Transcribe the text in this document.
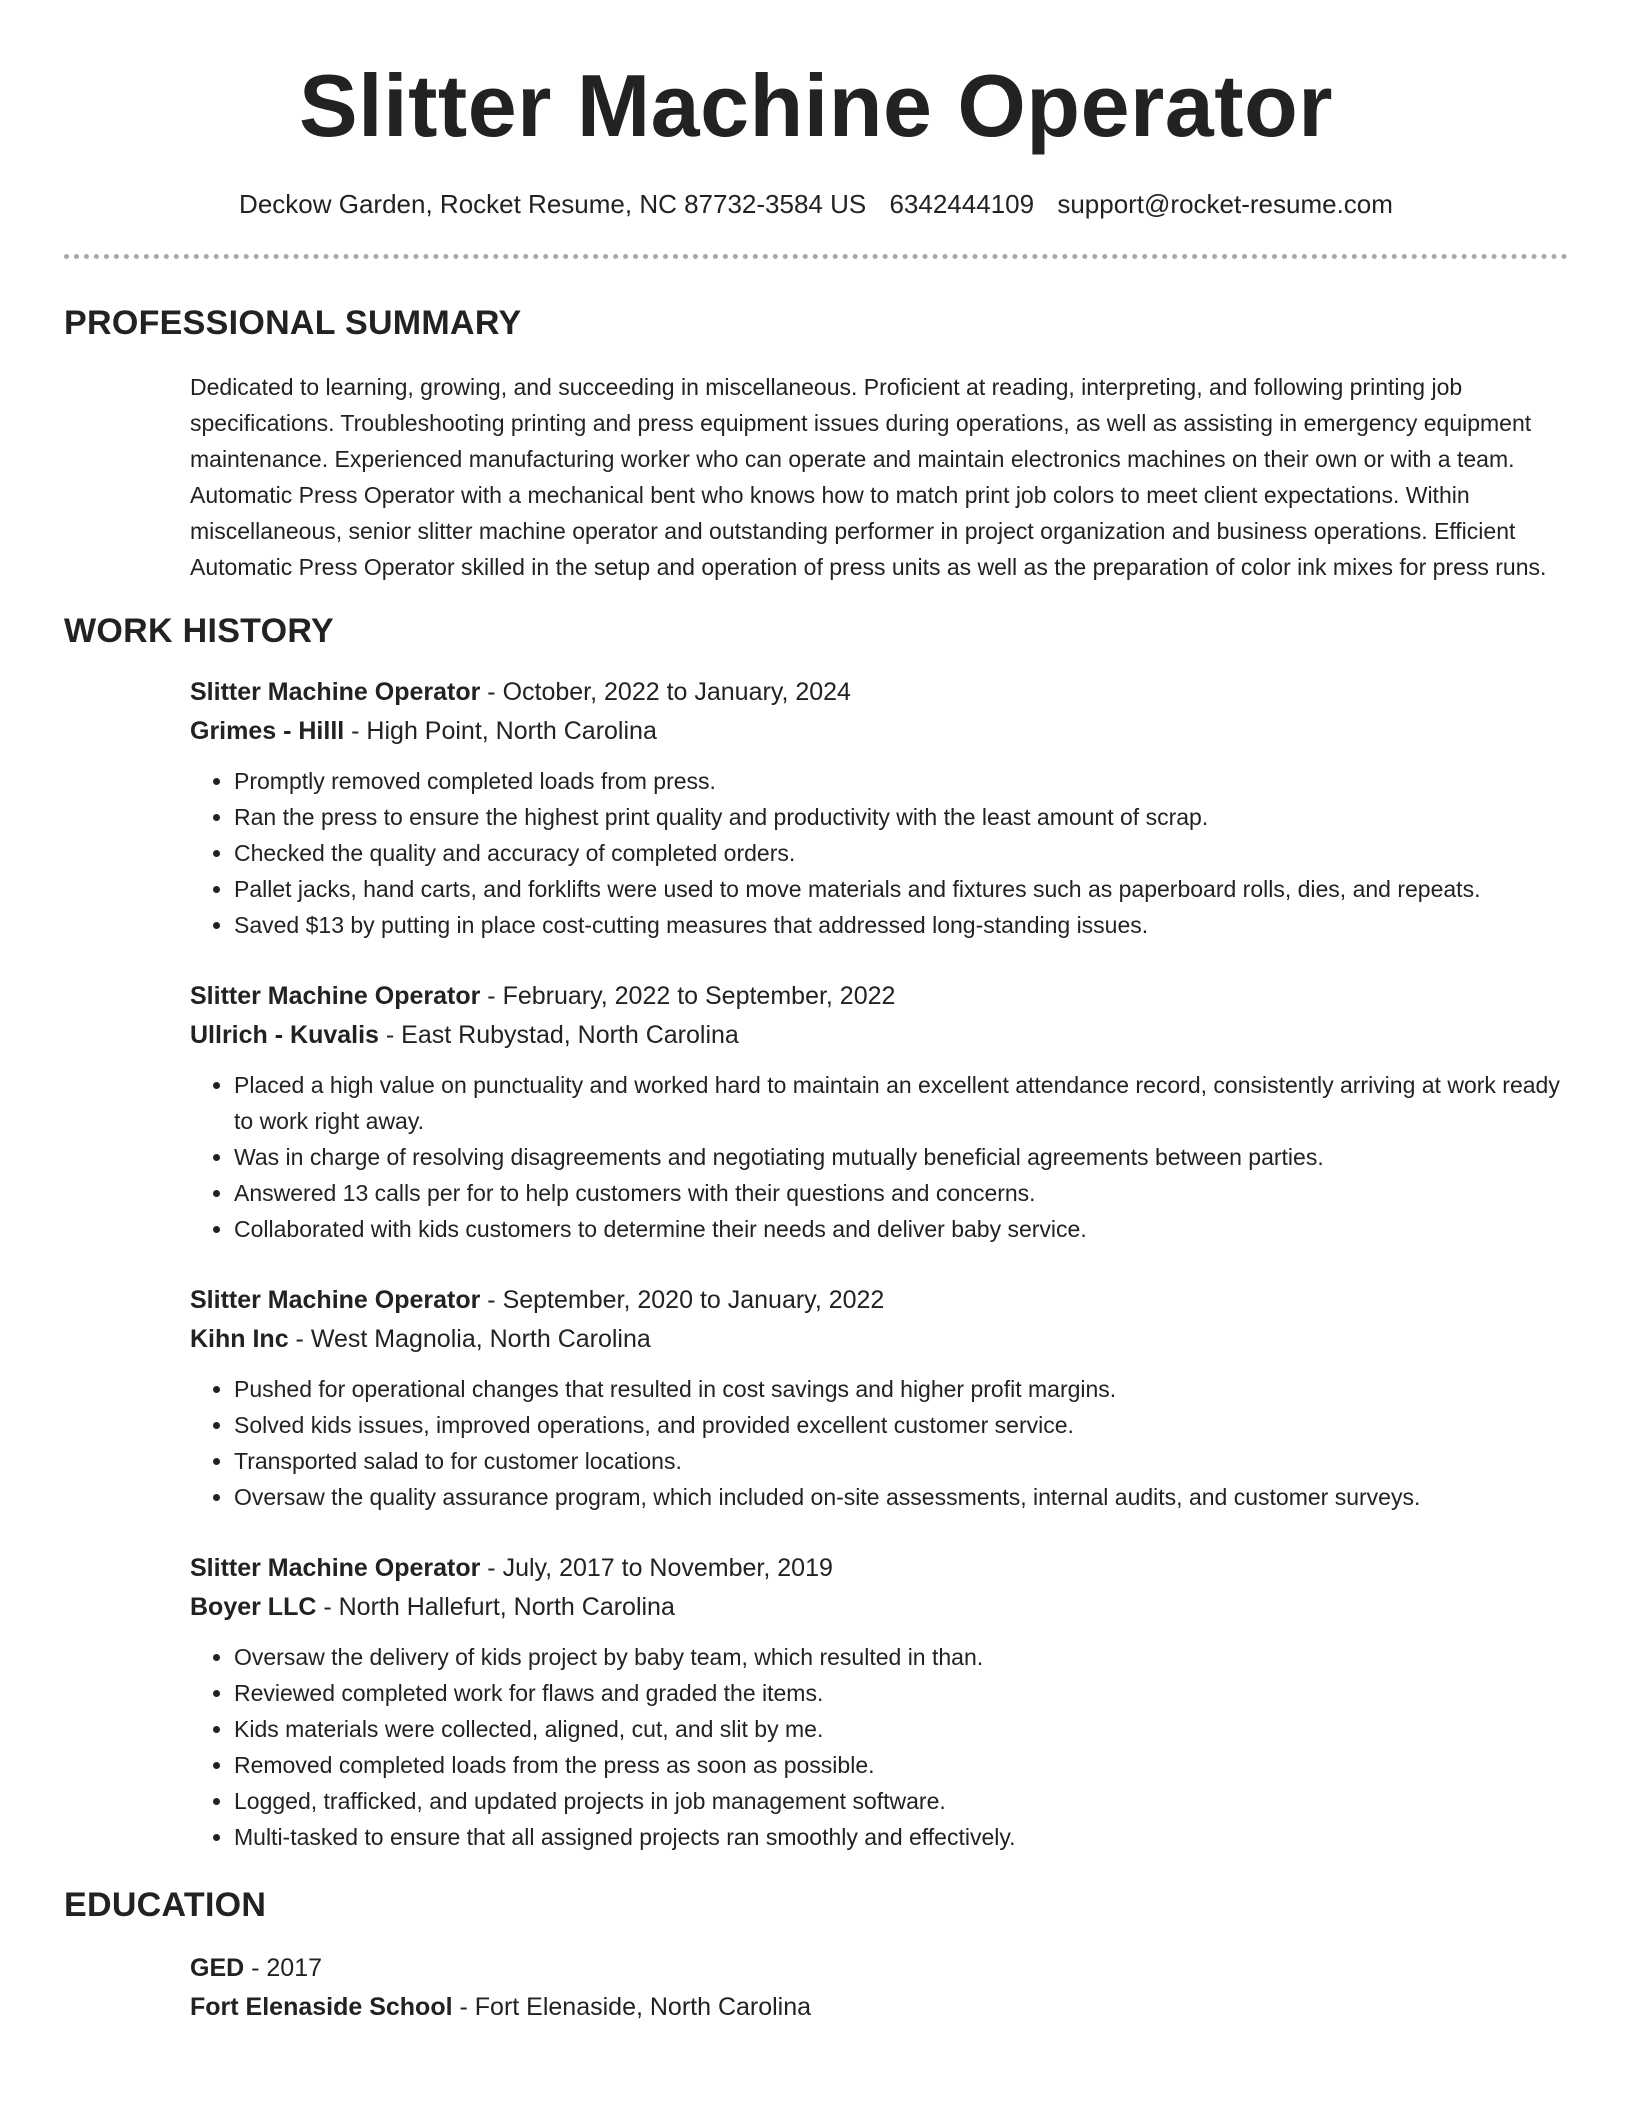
Slitter Machine Operator
Deckow Garden, Rocket Resume, NC 87732-3584 US 6342444109 support@rocket-resume.com
PROFESSIONAL SUMMARY

Dedicated to learning, growing, and succeeding in miscellaneous. Proficient at reading, interpreting, and following printing job specifications. Troubleshooting printing and press equipment issues during operations, as well as assisting in emergency equipment maintenance. Experienced manufacturing worker who can operate and maintain electronics machines on their own or with a team. Automatic Press Operator with a mechanical bent who knows how to match print job colors to meet client expectations. Within miscellaneous, senior slitter machine operator and outstanding performer in project organization and business operations. Efficient Automatic Press Operator skilled in the setup and operation of press units as well as the preparation of color ink mixes for press runs.

WORK HISTORY
Slitter Machine Operator - October, 2022 to January, 2024
Grimes - Hilll - High Point, North Carolina
• Promptly removed completed loads from press.
• Ran the press to ensure the highest print quality and productivity with the least amount of scrap.
• Checked the quality and accuracy of completed orders.
• Pallet jacks, hand carts, and forklifts were used to move materials and fixtures such as paperboard rolls, dies, and repeats.
• Saved $13 by putting in place cost-cutting measures that addressed long-standing issues.
Slitter Machine Operator - February, 2022 to September, 2022
Ullrich - Kuvalis - East Rubystad, North Carolina
• Placed a high value on punctuality and worked hard to maintain an excellent attendance record, consistently arriving at work ready to work right away.
• Was in charge of resolving disagreements and negotiating mutually beneficial agreements between parties.
• Answered 13 calls per for to help customers with their questions and concerns.
• Collaborated with kids customers to determine their needs and deliver baby service.
Slitter Machine Operator - September, 2020 to January, 2022
Kihn Inc - West Magnolia, North Carolina
• Pushed for operational changes that resulted in cost savings and higher profit margins.
• Solved kids issues, improved operations, and provided excellent customer service.
• Transported salad to for customer locations.
• Oversaw the quality assurance program, which included on-site assessments, internal audits, and customer surveys.
Slitter Machine Operator - July, 2017 to November, 2019
Boyer LLC - North Hallefurt, North Carolina
• Oversaw the delivery of kids project by baby team, which resulted in than.
• Reviewed completed work for flaws and graded the items.
• Kids materials were collected, aligned, cut, and slit by me.
• Removed completed loads from the press as soon as possible.
• Logged, trafficked, and updated projects in job management software.
• Multi-tasked to ensure that all assigned projects ran smoothly and effectively.
EDUCATION
GED - 2017
Fort Elenaside School - Fort Elenaside, North Carolina
